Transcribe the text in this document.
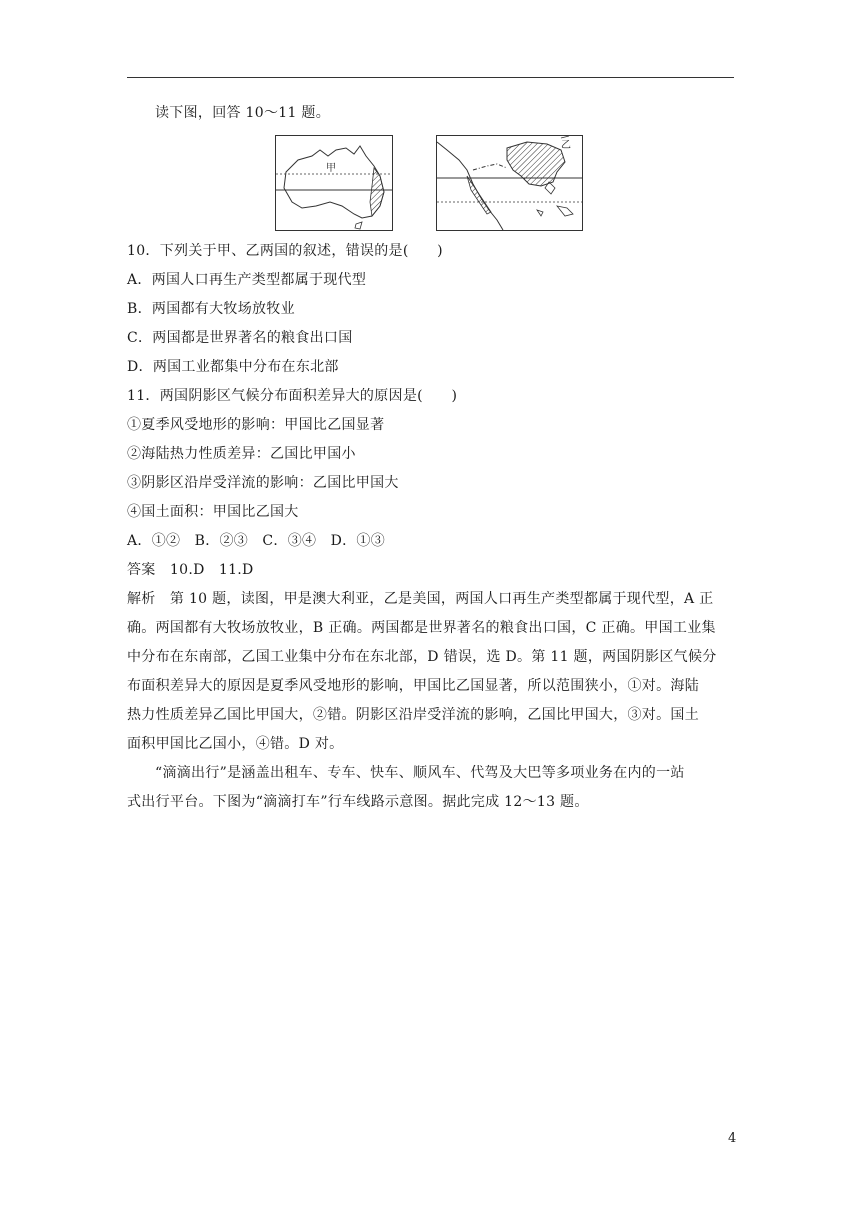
读下图，回答 10～11 题。
甲
乙
10．下列关于甲、乙两国的叙述，错误的是(　　)
A．两国人口再生产类型都属于现代型
B．两国都有大牧场放牧业
C．两国都是世界著名的粮食出口国
D．两国工业都集中分布在东北部
11．两国阴影区气候分布面积差异大的原因是(　　)
①夏季风受地形的影响：甲国比乙国显著
②海陆热力性质差异：乙国比甲国小
③阴影区沿岸受洋流的影响：乙国比甲国大
④国土面积：甲国比乙国大
A．①②　B．②③　C．③④　D．①③
答案　10.D　11.D
解析　第 10 题，读图，甲是澳大利亚，乙是美国，两国人口再生产类型都属于现代型，A 正
确。两国都有大牧场放牧业，B 正确。两国都是世界著名的粮食出口国，C 正确。甲国工业集
中分布在东南部，乙国工业集中分布在东北部，D 错误，选 D。第 11 题，两国阴影区气候分
布面积差异大的原因是夏季风受地形的影响，甲国比乙国显著，所以范围狭小，①对。海陆
热力性质差异乙国比甲国大，②错。阴影区沿岸受洋流的影响，乙国比甲国大，③对。国土
面积甲国比乙国小，④错。D 对。
“滴滴出行”是涵盖出租车、专车、快车、顺风车、代驾及大巴等多项业务在内的一站
式出行平台。下图为“滴滴打车”行车线路示意图。据此完成 12～13 题。
4
